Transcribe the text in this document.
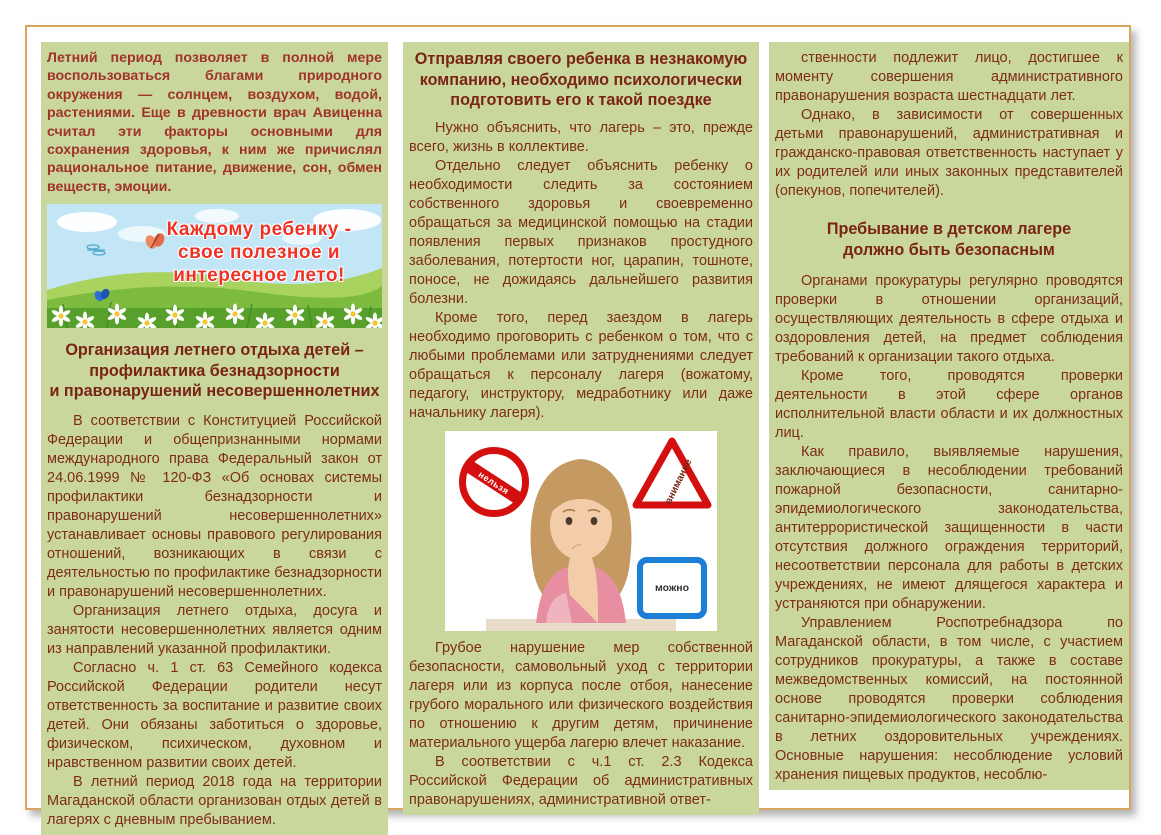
Летний период позволяет в полной мере воспользоваться благами природного окружения — солнцем, воздухом, водой, растениями. Еще в древности врач Авиценна считал эти факторы основными для сохранения здоровья, к ним же причислял рациональное питание, движение, сон, обмен веществ, эмоции.

Каждому ребенку -
свое полезное и
интересное лето!
Организация летнего отдыха детей –
профилактика безнадзорности
и правонарушений несовершеннолетних

В соответствии с Конституцией Российской Федерации и общепризнанными нормами международного права Федеральный закон от 24.06.1999 № 120-ФЗ «Об основах системы профилактики безнадзорности и правонарушений несовершеннолетних» устанавливает основы правового регулирования отношений, возникающих в связи с деятельностью по профилактике безнадзорности и правонарушений несовершеннолетних.

Организация летнего отдыха, досуга и занятости несовершеннолетних является одним из направлений указанной профилактики.

Согласно ч. 1 ст. 63 Семейного кодекса Российской Федерации родители несут ответственность за воспитание и развитие своих детей. Они обязаны заботиться о здоровье, физическом, психическом, духовном и нравственном развитии своих детей.

В летний период 2018 года на территории Магаданской области организован отдых детей в лагерях с дневным пребыванием.

Отправляя своего ребенка в незнакомую
компанию, необходимо психологически
подготовить его к такой поездке

Нужно объяснить, что лагерь – это, прежде всего, жизнь в коллективе.

Отдельно следует объяснить ребенку о необходимости следить за состоянием собственного здоровья и своевременно обращаться за медицинской помощью на стадии появления первых признаков простудного заболевания, потертости ног, царапин, тошноте, поносе, не дожидаясь дальнейшего развития болезни.

Кроме того, перед заездом в лагерь необходимо проговорить с ребенком о том, что с любыми проблемами или затруднениями следует обращаться к персоналу лагеря (вожатому, педагогу, инструктору, медработнику или даже начальнику лагеря).

нельзя	внимание
можно

Грубое нарушение мер собственной безопасности, самовольный уход с территории лагеря или из корпуса после отбоя, нанесение грубого морального или физического воздействия по отношению к другим детям, причинение материального ущерба лагерю влечет наказание.

В соответствии с ч.1 ст. 2.3 Кодекса Российской Федерации об административных правонарушениях, административной ответ-

ственности подлежит лицо, достигшее к моменту совершения административного правонарушения возраста шестнадцати лет.

Однако, в зависимости от совершенных детьми правонарушений, административная и гражданско-правовая ответственность наступает у их родителей или иных законных представителей (опекунов, попечителей).

Пребывание в детском лагере
должно быть безопасным

Органами прокуратуры регулярно проводятся проверки в отношении организаций, осуществляющих деятельность в сфере отдыха и оздоровления детей, на предмет соблюдения требований к организации такого отдыха.

Кроме того, проводятся проверки деятельности в этой сфере органов исполнительной власти области и их должностных лиц.

Как правило, выявляемые нарушения, заключающиеся в несоблюдении требований пожарной безопасности, санитарно-эпидемиологического законодательства, антитеррористической защищенности в части отсутствия должного ограждения территорий, несоответствии персонала для работы в детских учреждениях, не имеют длящегося характера и устраняются при обнаружении.

Управлением Роспотребнадзора по Магаданской области, в том числе, с участием сотрудников прокуратуры, а также в составе межведомственных комиссий, на постоянной основе проводятся проверки соблюдения санитарно-эпидемиологического законодательства в летних оздоровительных учреждениях. Основные нарушения: несоблюдение условий хранения пищевых продуктов, несоблю-
